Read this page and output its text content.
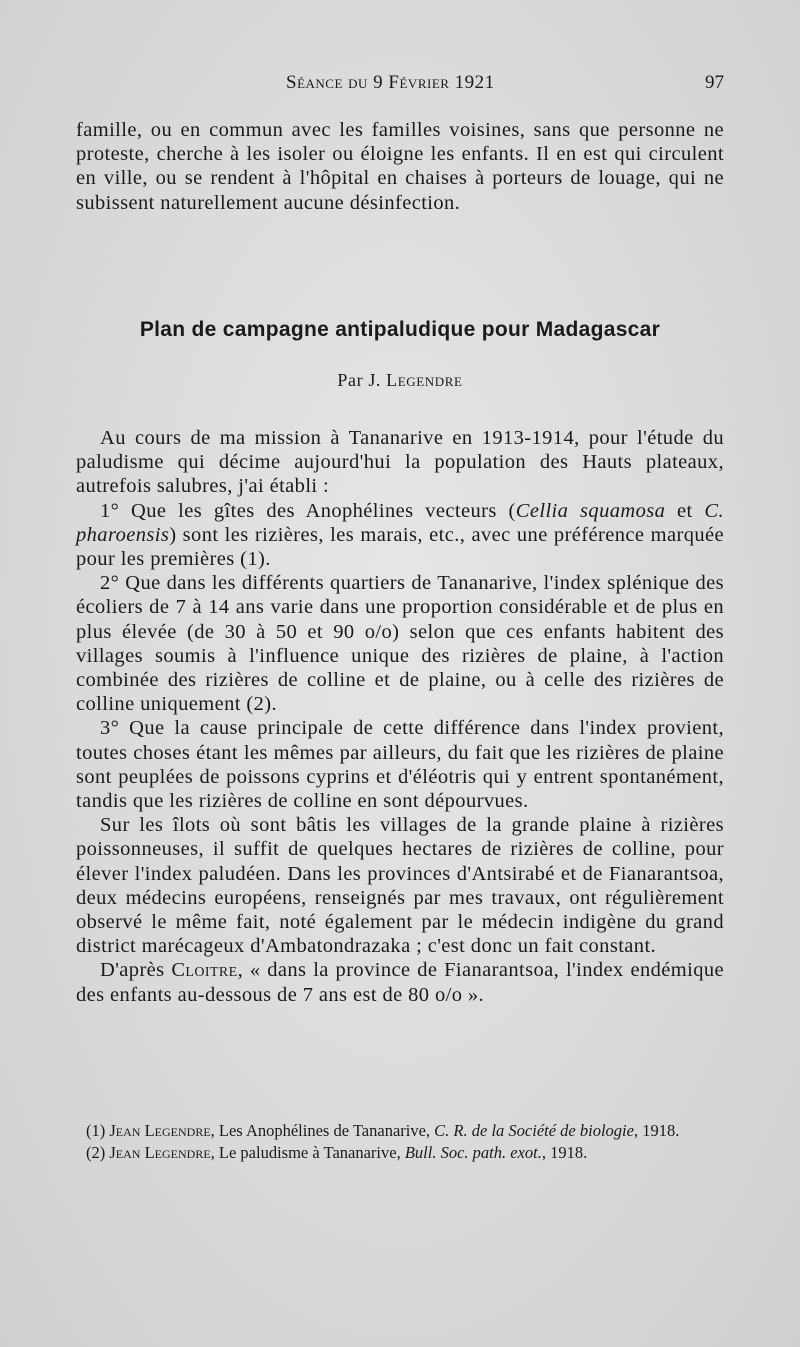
Séance du 9 Février 1921	97

famille, ou en commun avec les familles voisines, sans que personne ne proteste, cherche à les isoler ou éloigne les enfants. Il en est qui circulent en ville, ou se rendent à l'hôpital en chaises à porteurs de louage, qui ne subissent naturellement aucune désinfection.

Plan de campagne antipaludique pour Madagascar
Par J. Legendre

Au cours de ma mission à Tananarive en 1913-1914, pour l'étude du paludisme qui décime aujourd'hui la population des Hauts plateaux, autrefois salubres, j'ai établi :

1° Que les gîtes des Anophélines vecteurs (Cellia squamosa et C. pharoensis) sont les rizières, les marais, etc., avec une préférence marquée pour les premières (1).

2° Que dans les différents quartiers de Tananarive, l'index splénique des écoliers de 7 à 14 ans varie dans une proportion considérable et de plus en plus élevée (de 30 à 50 et 90 o/o) selon que ces enfants habitent des villages soumis à l'influence unique des rizières de plaine, à l'action combinée des rizières de colline et de plaine, ou à celle des rizières de colline uniquement (2).

3° Que la cause principale de cette différence dans l'index provient, toutes choses étant les mêmes par ailleurs, du fait que les rizières de plaine sont peuplées de poissons cyprins et d'éléotris qui y entrent spontanément, tandis que les rizières de colline en sont dépourvues.

Sur les îlots où sont bâtis les villages de la grande plaine à rizières poissonneuses, il suffit de quelques hectares de rizières de colline, pour élever l'index paludéen. Dans les provinces d'Antsirabé et de Fianarantsoa, deux médecins européens, renseignés par mes travaux, ont régulièrement observé le même fait, noté également par le médecin indigène du grand district marécageux d'Ambatondrazaka ; c'est donc un fait constant.

D'après Cloitre, « dans la province de Fianarantsoa, l'index endémique des enfants au-dessous de 7 ans est de 80 o/o ».

(1) Jean Legendre, Les Anophélines de Tananarive, C. R. de la Société de biologie, 1918.

(2) Jean Legendre, Le paludisme à Tananarive, Bull. Soc. path. exot., 1918.
